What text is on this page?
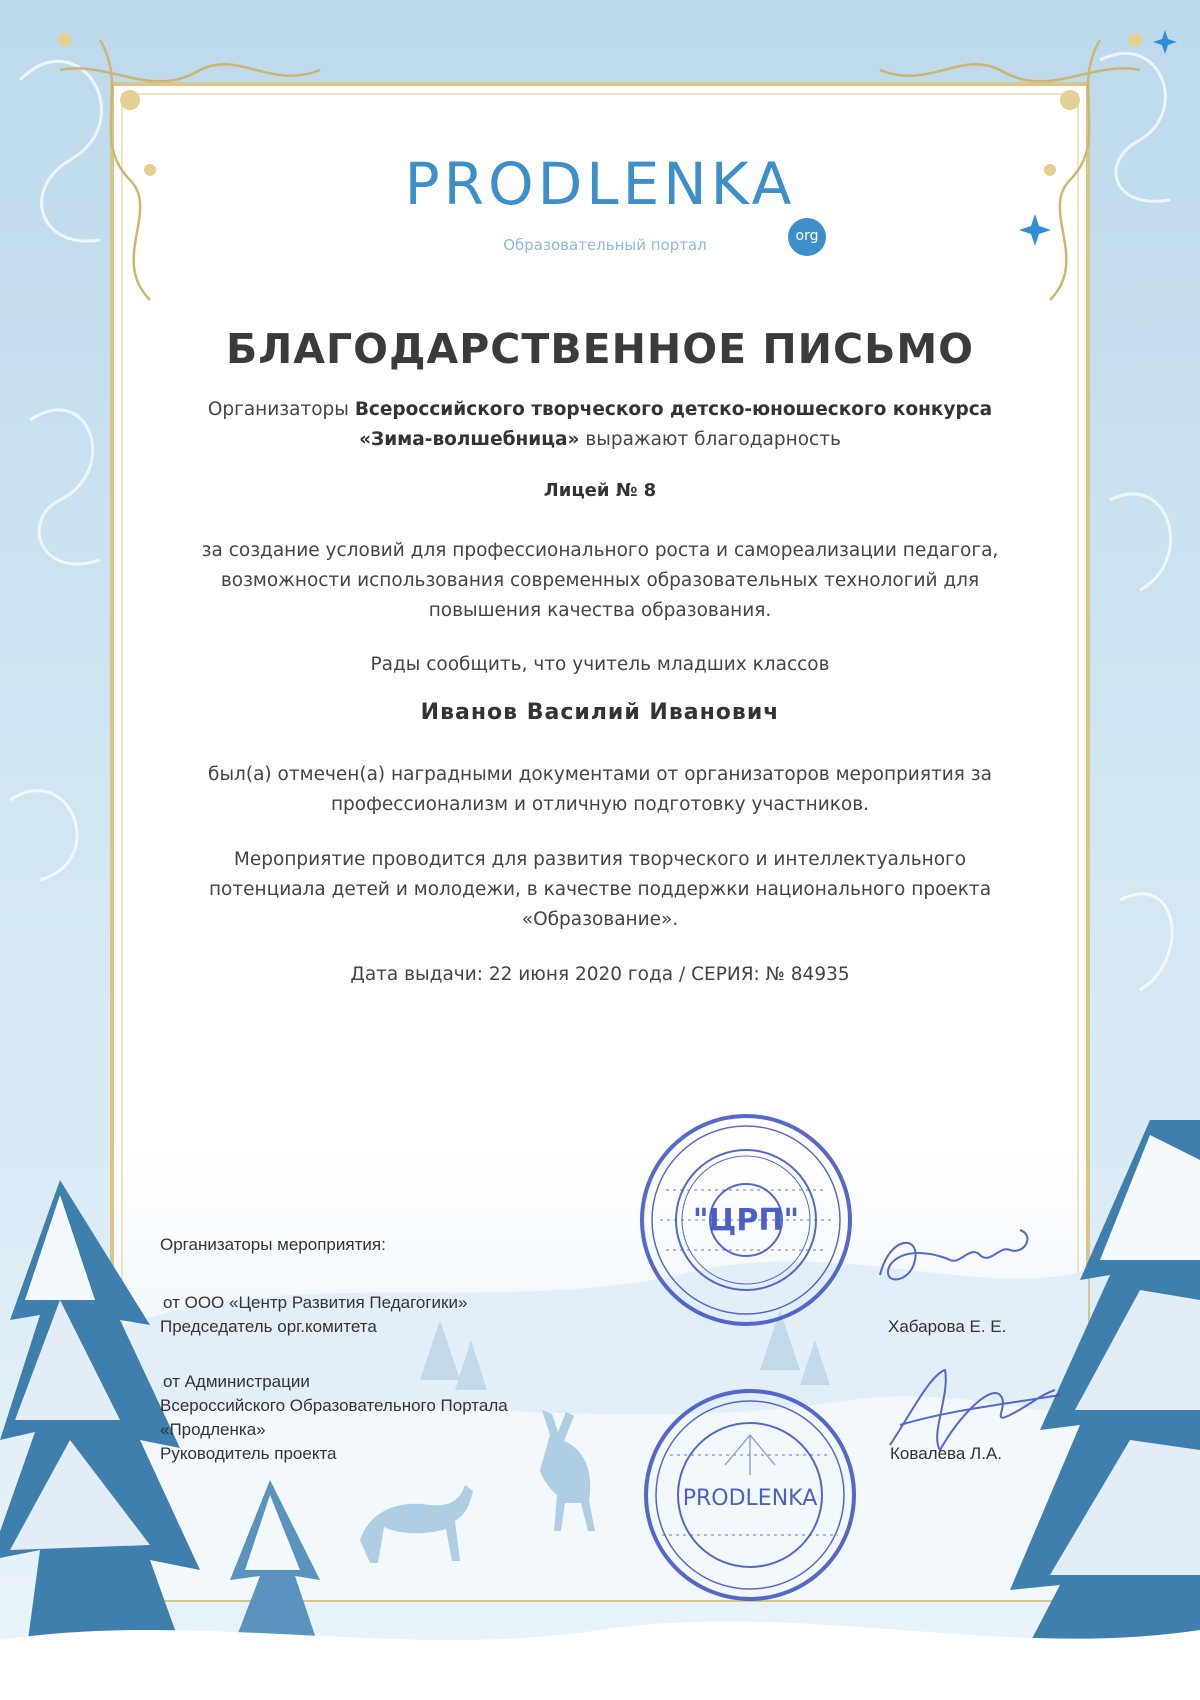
PRODLENKA
org
Образовательный портал
БЛАГОДАРСТВЕННОЕ ПИСЬМО
Организаторы Всероссийского творческого детско-юношеского конкурса
«Зима-волшебница» выражают благодарность
Лицей № 8
за создание условий для профессионального роста и самореализации педагога,
возможности использования современных образовательных технологий для
повышения качества образования.
Рады сообщить, что учитель младших классов
Иванов Василий Иванович
был(а) отмечен(а) наградными документами от организаторов мероприятия за
профессионализм и отличную подготовку участников.
Мероприятие проводится для развития творческого и интеллектуального
потенциала детей и молодежи, в качестве поддержки национального проекта
«Образование».
Дата выдачи: 22 июня 2020 года / СЕРИЯ: № 84935
"ЦРП"
PRODLENKA
Организаторы мероприятия:
от ООО «Центр Развития Педагогики»
Председатель орг.комитета	Хабарова Е. Е.
от Администрации
Всероссийского Образовательного Портала
«Продленка»
Руководитель проекта	Ковалева Л.А.
